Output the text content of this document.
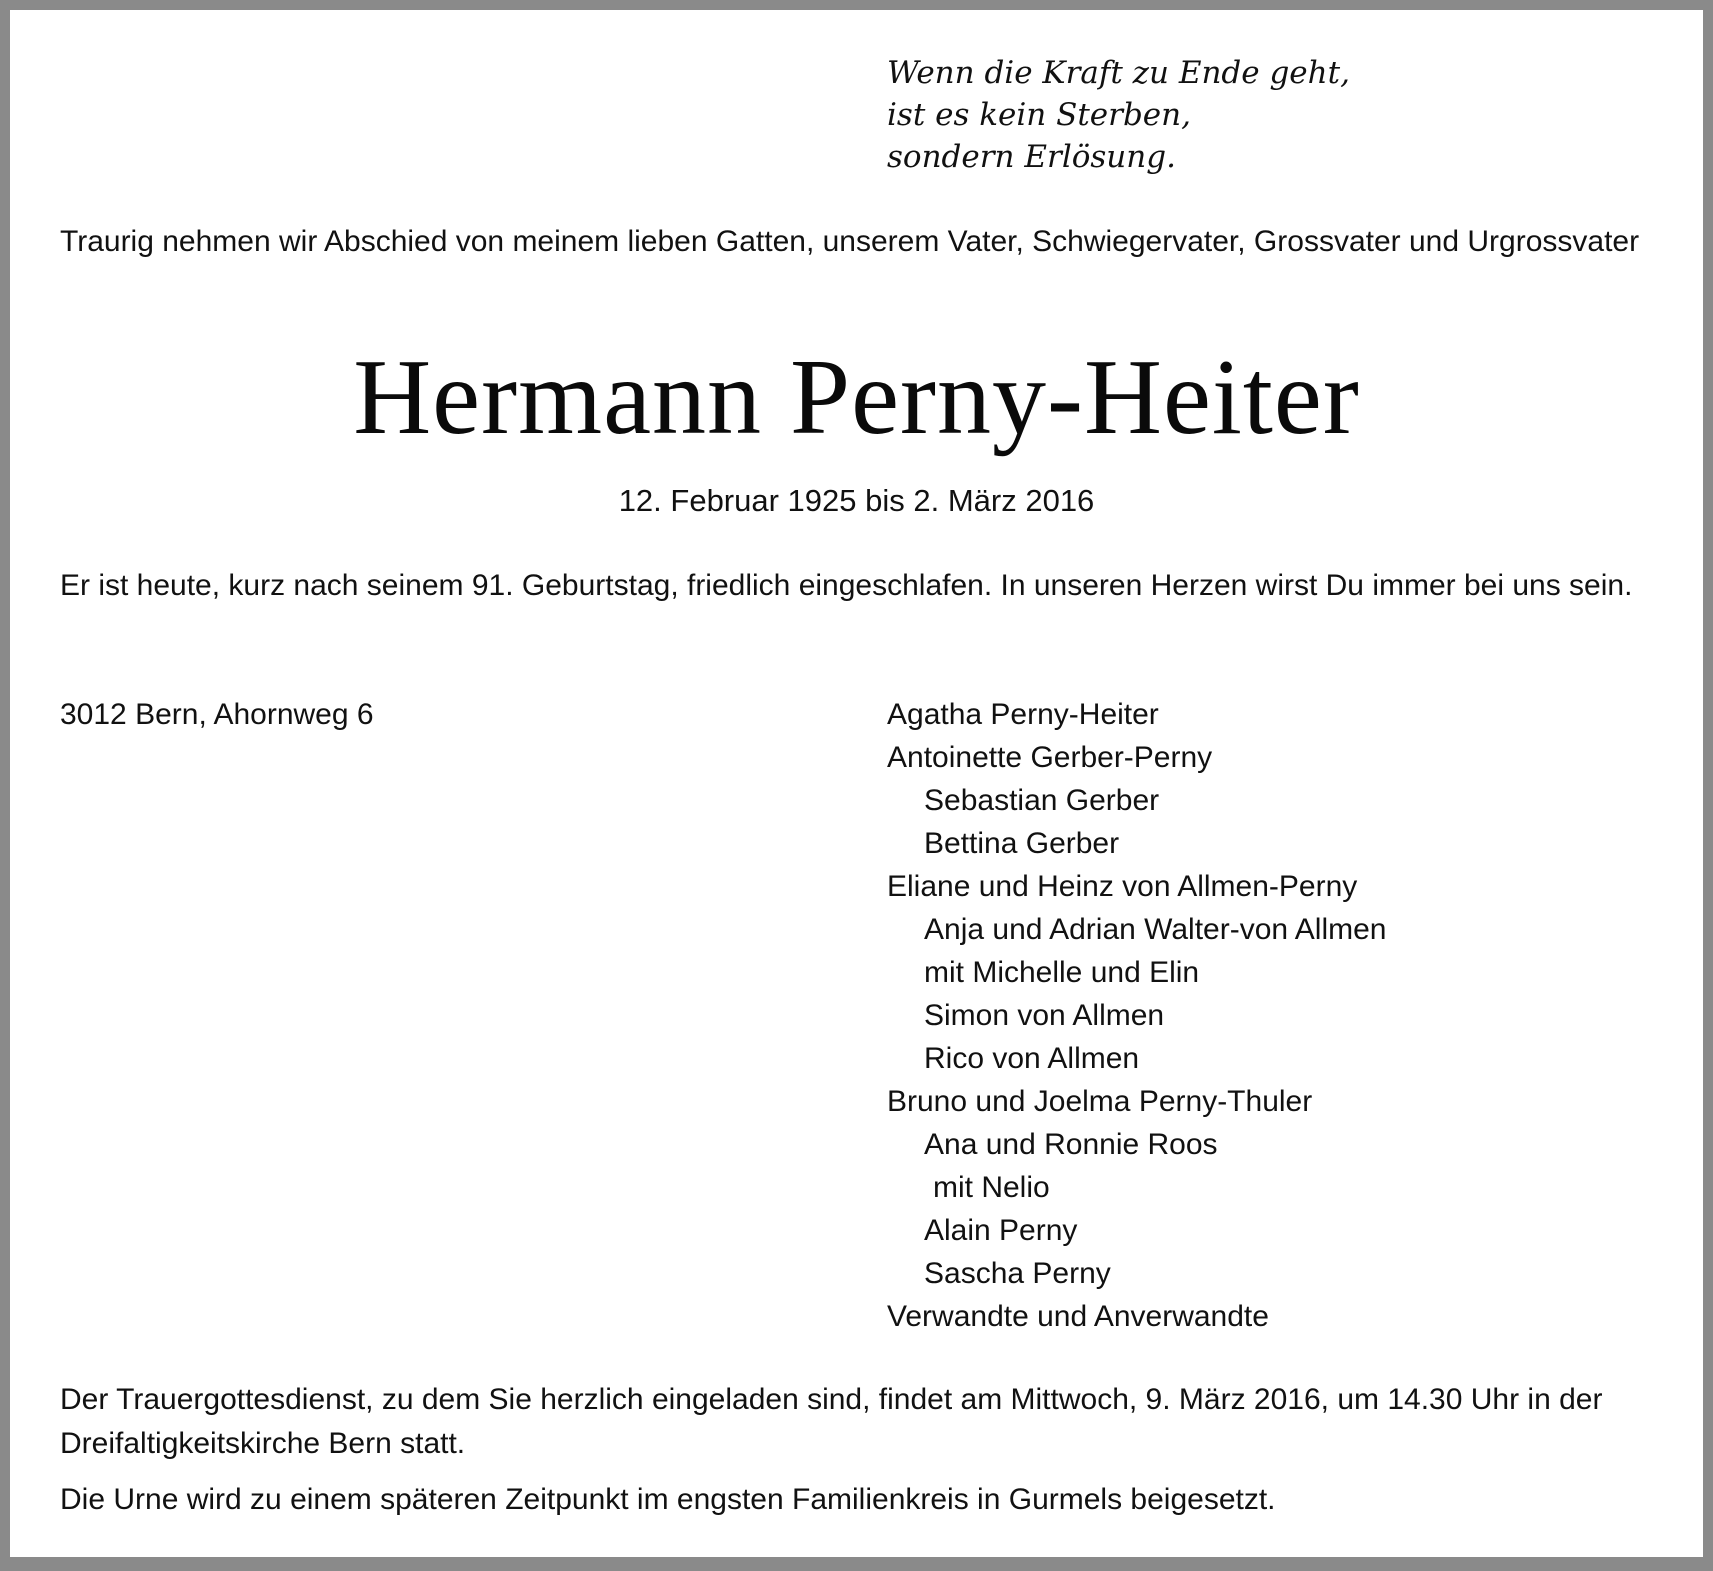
Wenn die Kraft zu Ende geht,
ist es kein Sterben,
sondern Erlösung.
Traurig nehmen wir Abschied von meinem lieben Gatten, unserem Vater, Schwiegervater, Grossvater und Urgrossvater
Hermann Perny-Heiter
12. Februar 1925 bis 2. März 2016
Er ist heute, kurz nach seinem 91. Geburtstag, friedlich eingeschlafen. In unseren Herzen wirst Du immer bei uns sein.
3012 Bern, Ahornweg 6	Agatha Perny-Heiter
Antoinette Gerber-Perny
Sebastian Gerber
Bettina Gerber
Eliane und Heinz von Allmen-Perny
Anja und Adrian Walter-von Allmen
mit Michelle und Elin
Simon von Allmen
Rico von Allmen
Bruno und Joelma Perny-Thuler
Ana und Ronnie Roos
mit Nelio
Alain Perny
Sascha Perny
Verwandte und Anverwandte
Der Trauergottesdienst, zu dem Sie herzlich eingeladen sind, findet am Mittwoch, 9. März 2016, um 14.30 Uhr in der Dreifaltigkeitskirche Bern statt.
Die Urne wird zu einem späteren Zeitpunkt im engsten Familienkreis in Gurmels beigesetzt.
